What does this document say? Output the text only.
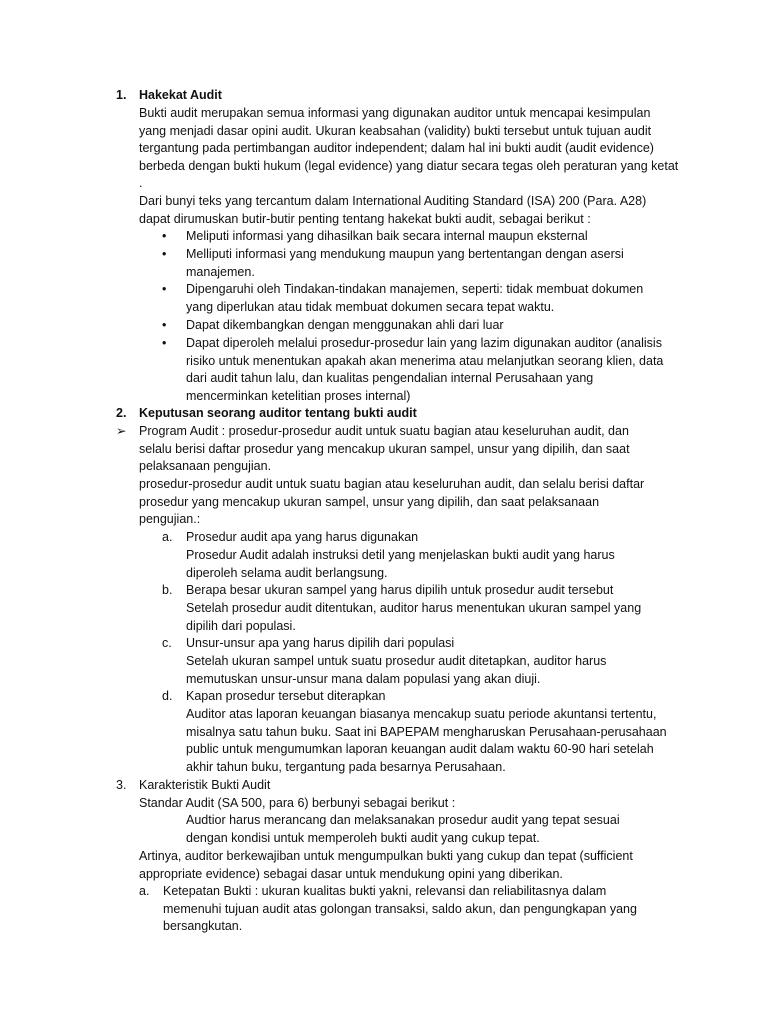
1. Hakekat Audit
Bukti audit merupakan semua informasi yang digunakan auditor untuk mencapai kesimpulan yang menjadi dasar opini audit. Ukuran keabsahan (validity) bukti tersebut untuk tujuan audit tergantung pada pertimbangan auditor independent; dalam hal ini bukti audit (audit evidence) berbeda dengan bukti hukum (legal evidence) yang diatur secara tegas oleh peraturan yang ketat .
Dari bunyi teks yang tercantum dalam International Auditing Standard (ISA) 200 (Para. A28) dapat dirumuskan butir-butir penting tentang hakekat bukti audit, sebagai berikut :
• Meliputi informasi yang dihasilkan baik secara internal maupun eksternal
• Melliputi informasi yang mendukung maupun yang bertentangan dengan asersi manajemen.
• Dipengaruhi oleh Tindakan-tindakan manajemen, seperti: tidak membuat dokumen yang diperlukan atau tidak membuat dokumen secara tepat waktu.
• Dapat dikembangkan dengan menggunakan ahli dari luar
• Dapat diperoleh melalui prosedur-prosedur lain yang lazim digunakan auditor (analisis risiko untuk menentukan apakah akan menerima atau melanjutkan seorang klien, data dari audit tahun lalu, dan kualitas pengendalian internal Perusahaan yang mencerminkan ketelitian proses internal)
2. Keputusan seorang auditor tentang bukti audit
➢ Program Audit : prosedur-prosedur audit untuk suatu bagian atau keseluruhan audit, dan selalu berisi daftar prosedur yang mencakup ukuran sampel, unsur yang dipilih, dan saat pelaksanaan pengujian.
prosedur-prosedur audit untuk suatu bagian atau keseluruhan audit, dan selalu berisi daftar prosedur yang mencakup ukuran sampel, unsur yang dipilih, dan saat pelaksanaan pengujian.:
a. Prosedur audit apa yang harus digunakan
Prosedur Audit adalah instruksi detil yang menjelaskan bukti audit yang harus diperoleh selama audit berlangsung.
b. Berapa besar ukuran sampel yang harus dipilih untuk prosedur audit tersebut
Setelah prosedur audit ditentukan, auditor harus menentukan ukuran sampel yang dipilih dari populasi.
c. Unsur-unsur apa yang harus dipilih dari populasi
Setelah ukuran sampel untuk suatu prosedur audit ditetapkan, auditor harus memutuskan unsur-unsur mana dalam populasi yang akan diuji.
d. Kapan prosedur tersebut diterapkan
Auditor atas laporan keuangan biasanya mencakup suatu periode akuntansi tertentu, misalnya satu tahun buku. Saat ini BAPEPAM mengharuskan Perusahaan-perusahaan public untuk mengumumkan laporan keuangan audit dalam waktu 60-90 hari setelah akhir tahun buku, tergantung pada besarnya Perusahaan.
3. Karakteristik Bukti Audit
Standar Audit (SA 500, para 6) berbunyi sebagai berikut :
Audtior harus merancang dan melaksanakan prosedur audit yang tepat sesuai dengan kondisi untuk memperoleh bukti audit yang cukup tepat.
Artinya, auditor berkewajiban untuk mengumpulkan bukti yang cukup dan tepat (sufficient appropriate evidence) sebagai dasar untuk mendukung opini yang diberikan.
a. Ketepatan Bukti : ukuran kualitas bukti yakni, relevansi dan reliabilitasnya dalam memenuhi tujuan audit atas golongan transaksi, saldo akun, dan pengungkapan yang bersangkutan.
